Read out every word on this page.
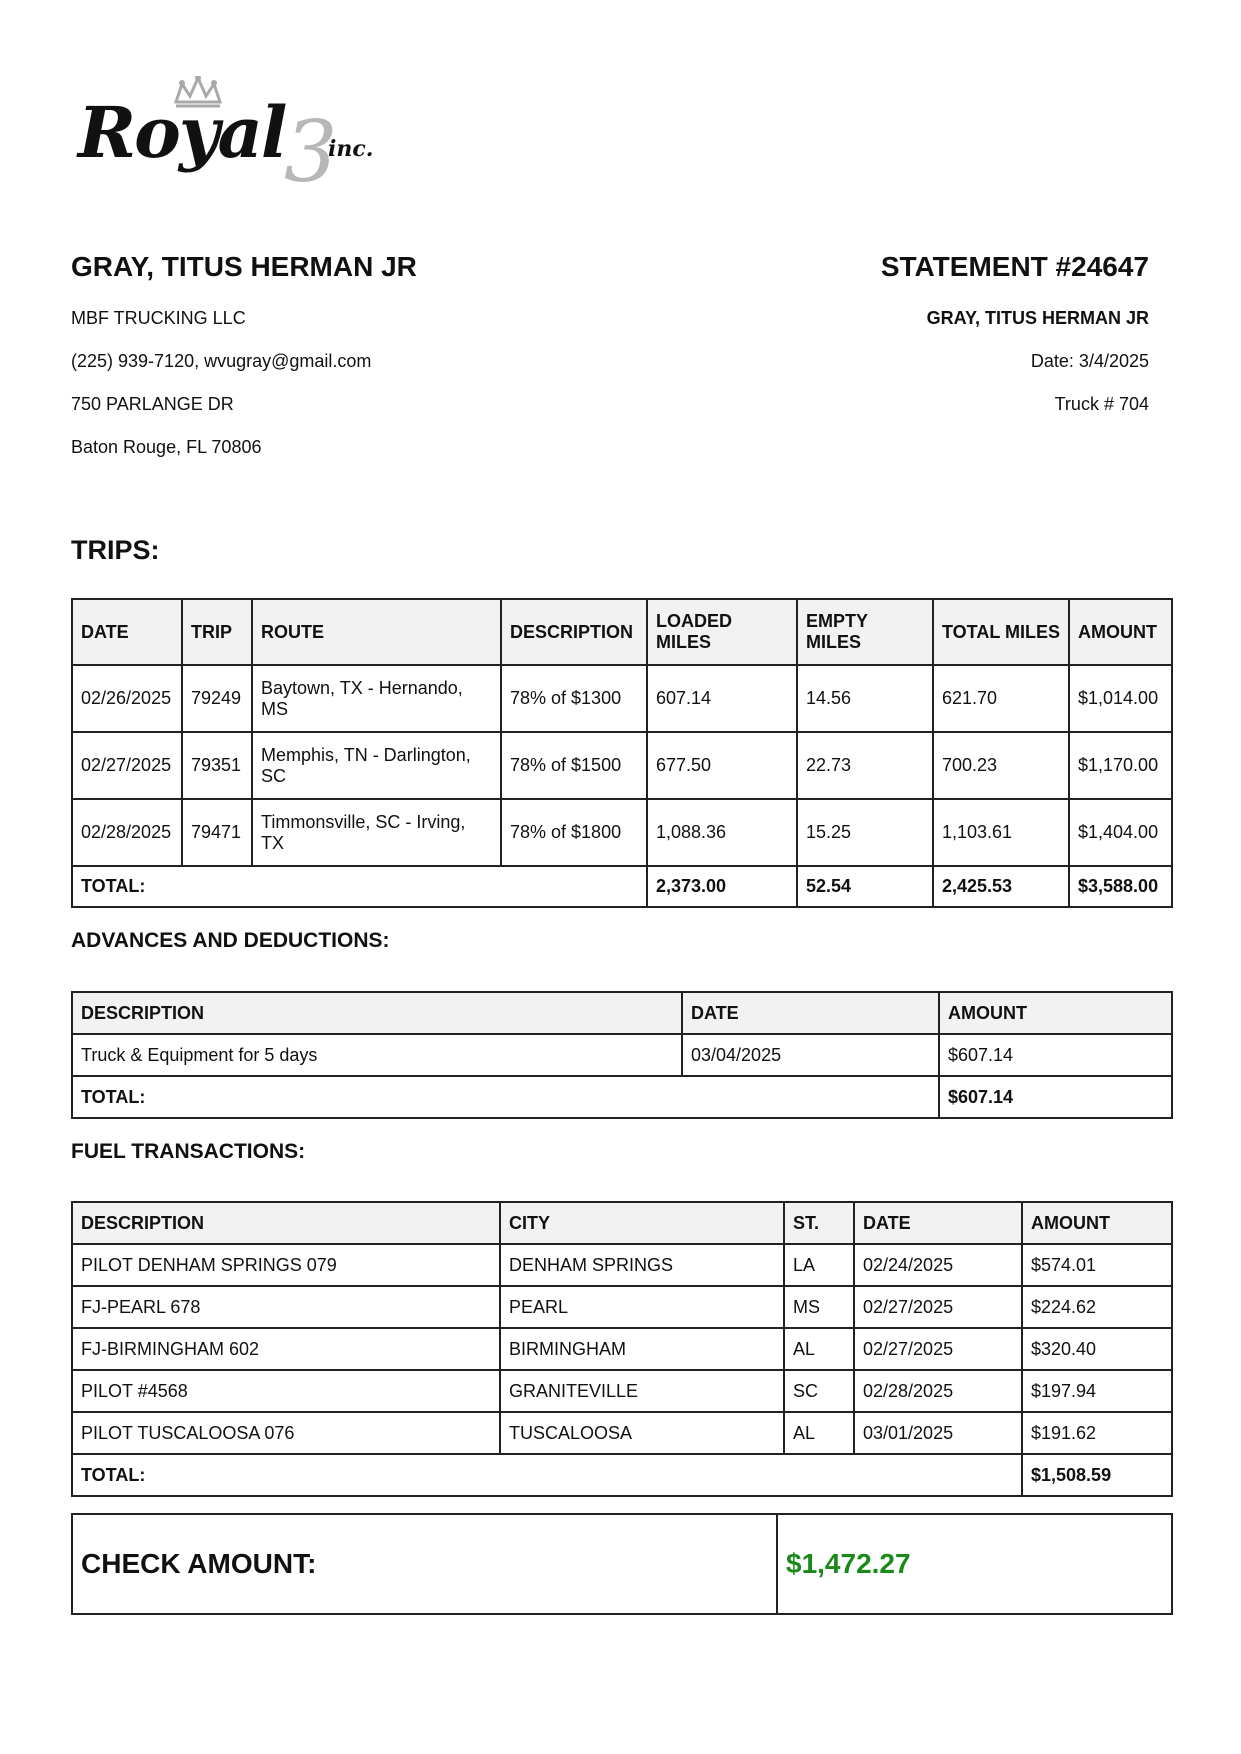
3
Royal inc.
GRAY, TITUS HERMAN JR
MBF TRUCKING LLC
(225) 939-7120, wvugray@gmail.com
750 PARLANGE DR
Baton Rouge, FL 70806
STATEMENT #24647
GRAY, TITUS HERMAN JR
Date: 3/4/2025
Truck # 704
TRIPS:
DATE	TRIP	ROUTE	DESCRIPTION	LOADED MILES	EMPTY MILES	TOTAL MILES	AMOUNT
02/26/2025	79249	Baytown, TX - Hernando, MS	78% of $1300	607.14	14.56	621.70	$1,014.00
02/27/2025	79351	Memphis, TN - Darlington, SC	78% of $1500	677.50	22.73	700.23	$1,170.00
02/28/2025	79471	Timmonsville, SC - Irving, TX	78% of $1800	1,088.36	15.25	1,103.61	$1,404.00
TOTAL:				2,373.00	52.54	2,425.53	$3,588.00
ADVANCES AND DEDUCTIONS:
DESCRIPTION	DATE	AMOUNT
Truck & Equipment for 5 days	03/04/2025	$607.14
TOTAL:		$607.14
FUEL TRANSACTIONS:
DESCRIPTION	CITY	ST.	DATE	AMOUNT
PILOT DENHAM SPRINGS 079	DENHAM SPRINGS	LA	02/24/2025	$574.01
FJ-PEARL 678	PEARL	MS	02/27/2025	$224.62
FJ-BIRMINGHAM 602	BIRMINGHAM	AL	02/27/2025	$320.40
PILOT #4568	GRANITEVILLE	SC	02/28/2025	$197.94
PILOT TUSCALOOSA 076	TUSCALOOSA	AL	03/01/2025	$191.62
TOTAL:				$1,508.59
CHECK AMOUNT:	$1,472.27
